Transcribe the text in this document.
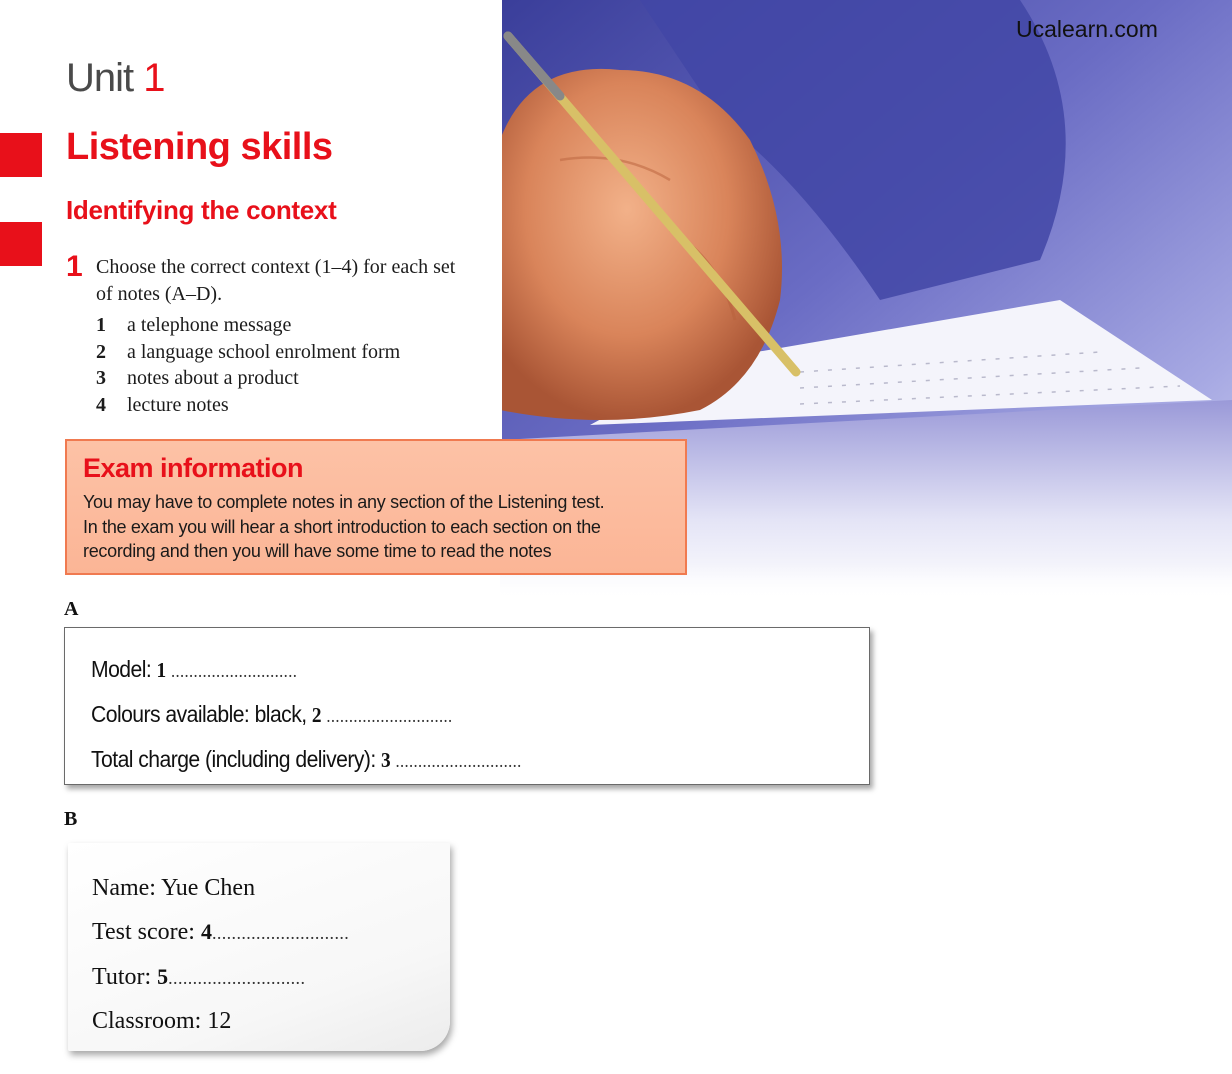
Ucalearn.com
Unit 1
Listening skills
Identifying the context
1 Choose the correct context (1–4) for each set of notes (A–D).
1	a telephone message
2	a language school enrolment form
3	notes about a product
4	lecture notes
Exam information
You may have to complete notes in any section of the Listening test.
In the exam you will hear a short introduction to each section on the
recording and then you will have some time to read the notes
A
Model: 1 ............................
Colours available: black, 2 ............................
Total charge (including delivery): 3 ............................
B
Name: Yue Chen
Test score: 4............................
Tutor: 5............................
Classroom: 12
